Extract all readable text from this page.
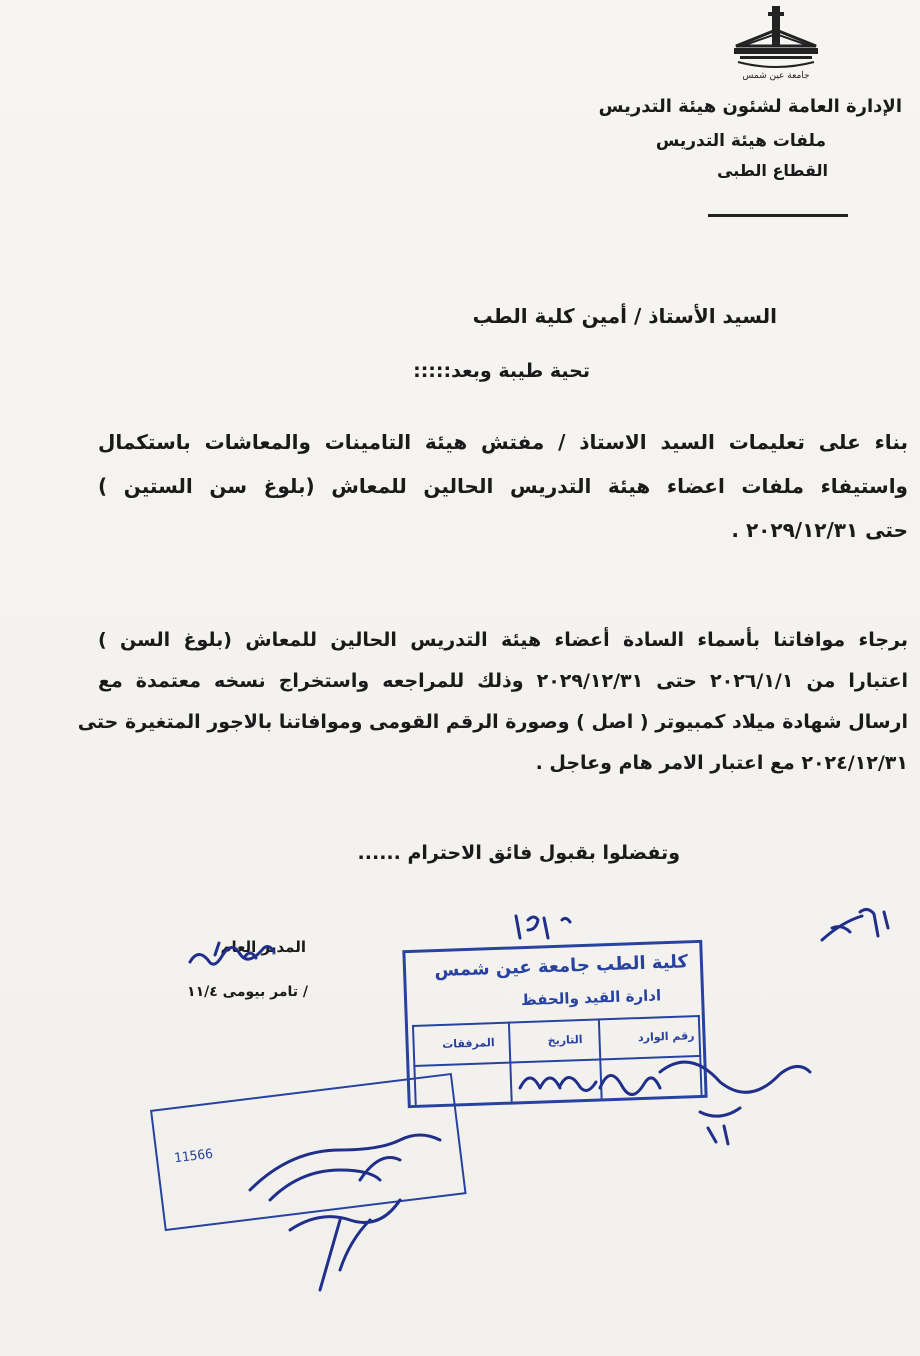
جامعة عين شمس
الإدارة العامة لشئون هيئة التدريس
ملفات هيئة التدريس
القطاع الطبى
السيد الأستاذ / أمين كلية الطب
تحية طيبة وبعد:::::
بناء على تعليمات السيد الاستاذ / مفتش هيئة التامينات والمعاشات باستكمال
واستيفاء ملفات اعضاء هيئة التدريس الحالين للمعاش (بلوغ سن الستين )
حتى ٢٠٢٩/١٢/٣١ .
برجاء موافاتنا بأسماء السادة أعضاء هيئة التدريس الحالين للمعاش (بلوغ السن )
اعتبارا من ٢٠٢٦/١/١ حتى ٢٠٢٩/١٢/٣١ وذلك للمراجعه واستخراج نسخه معتمدة مع
ارسال شهادة ميلاد كمبيوتر ( اصل ) وصورة الرقم القومى وموافاتنا بالاجور المتغيرة حتى
٢٠٢٤/١٢/٣١ مع اعتبار الامر هام وعاجل .
وتفضلوا بقبول فائق الاحترام ......
المدير العام
/ تامر بيومى ١١/٤
كلية الطب جامعة عين شمس
ادارة القيد والحفظ
رقم الوارد
التاريخ
المرفقات
11566
